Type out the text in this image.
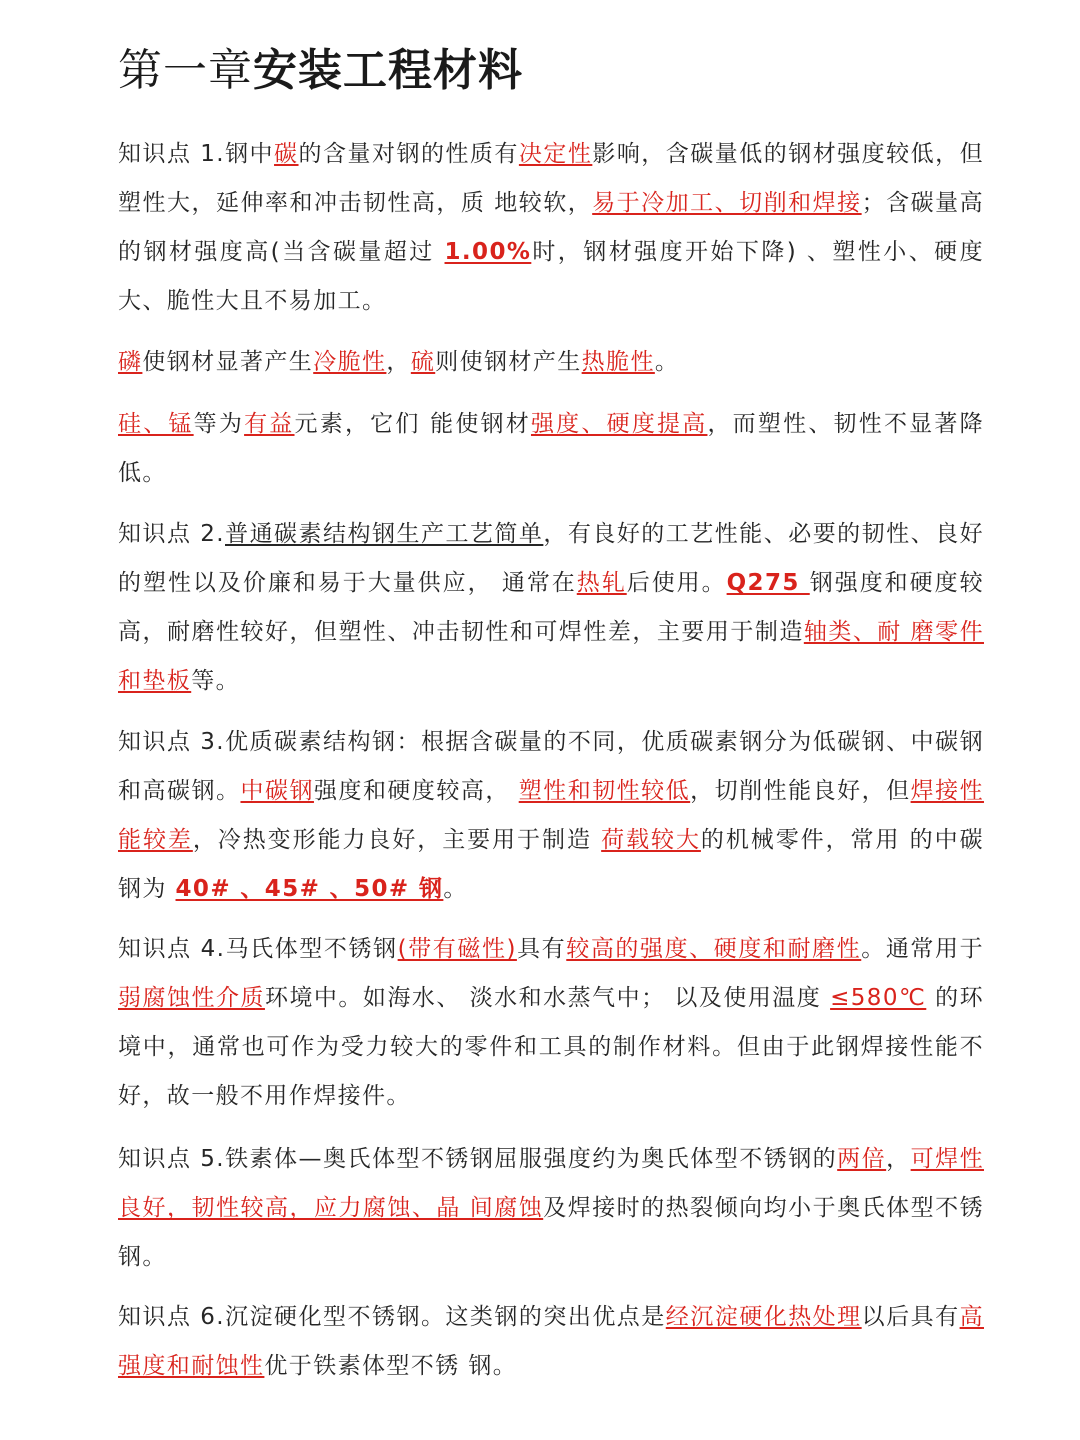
第一章安装工程材料

知识点 1.钢中碳的含量对钢的性质有决定性影响，含碳量低的钢材强度较低，但塑性大，延伸率和冲击韧性高，质 地较软，易于冷加工、切削和焊接；含碳量高的钢材强度高(当含碳量超过 1.00%时，钢材强度开始下降) 、塑性小、硬度大、脆性大且不易加工。

磷使钢材显著产生冷脆性，硫则使钢材产生热脆性。

硅、锰等为有益元素，它们 能使钢材强度、硬度提高，而塑性、韧性不显著降低。

知识点 2.普通碳素结构钢生产工艺简单，有良好的工艺性能、必要的韧性、良好的塑性以及价廉和易于大量供应， 通常在热轧后使用。Q275 钢强度和硬度较高，耐磨性较好，但塑性、冲击韧性和可焊性差，主要用于制造轴类、耐 磨零件和垫板等。

知识点 3.优质碳素结构钢：根据含碳量的不同，优质碳素钢分为低碳钢、中碳钢和高碳钢。中碳钢强度和硬度较高， 塑性和韧性较低，切削性能良好，但焊接性能较差，冷热变形能力良好，主要用于制造 荷载较大的机械零件，常用 的中碳钢为 40# 、45# 、50# 钢。

知识点 4.马氏体型不锈钢(带有磁性)具有较高的强度、硬度和耐磨性。通常用于 弱腐蚀性介质环境中。如海水、 淡水和水蒸气中； 以及使用温度 ≤580℃ 的环境中，通常也可作为受力较大的零件和工具的制作材料。但由于此钢焊接性能不好，故一般不用作焊接件。

知识点 5.铁素体—奥氏体型不锈钢屈服强度约为奥氏体型不锈钢的两倍，可焊性良好，韧性较高，应力腐蚀、晶 间腐蚀及焊接时的热裂倾向均小于奥氏体型不锈钢。

知识点 6.沉淀硬化型不锈钢。这类钢的突出优点是经沉淀硬化热处理以后具有高强度和耐蚀性优于铁素体型不锈 钢。
